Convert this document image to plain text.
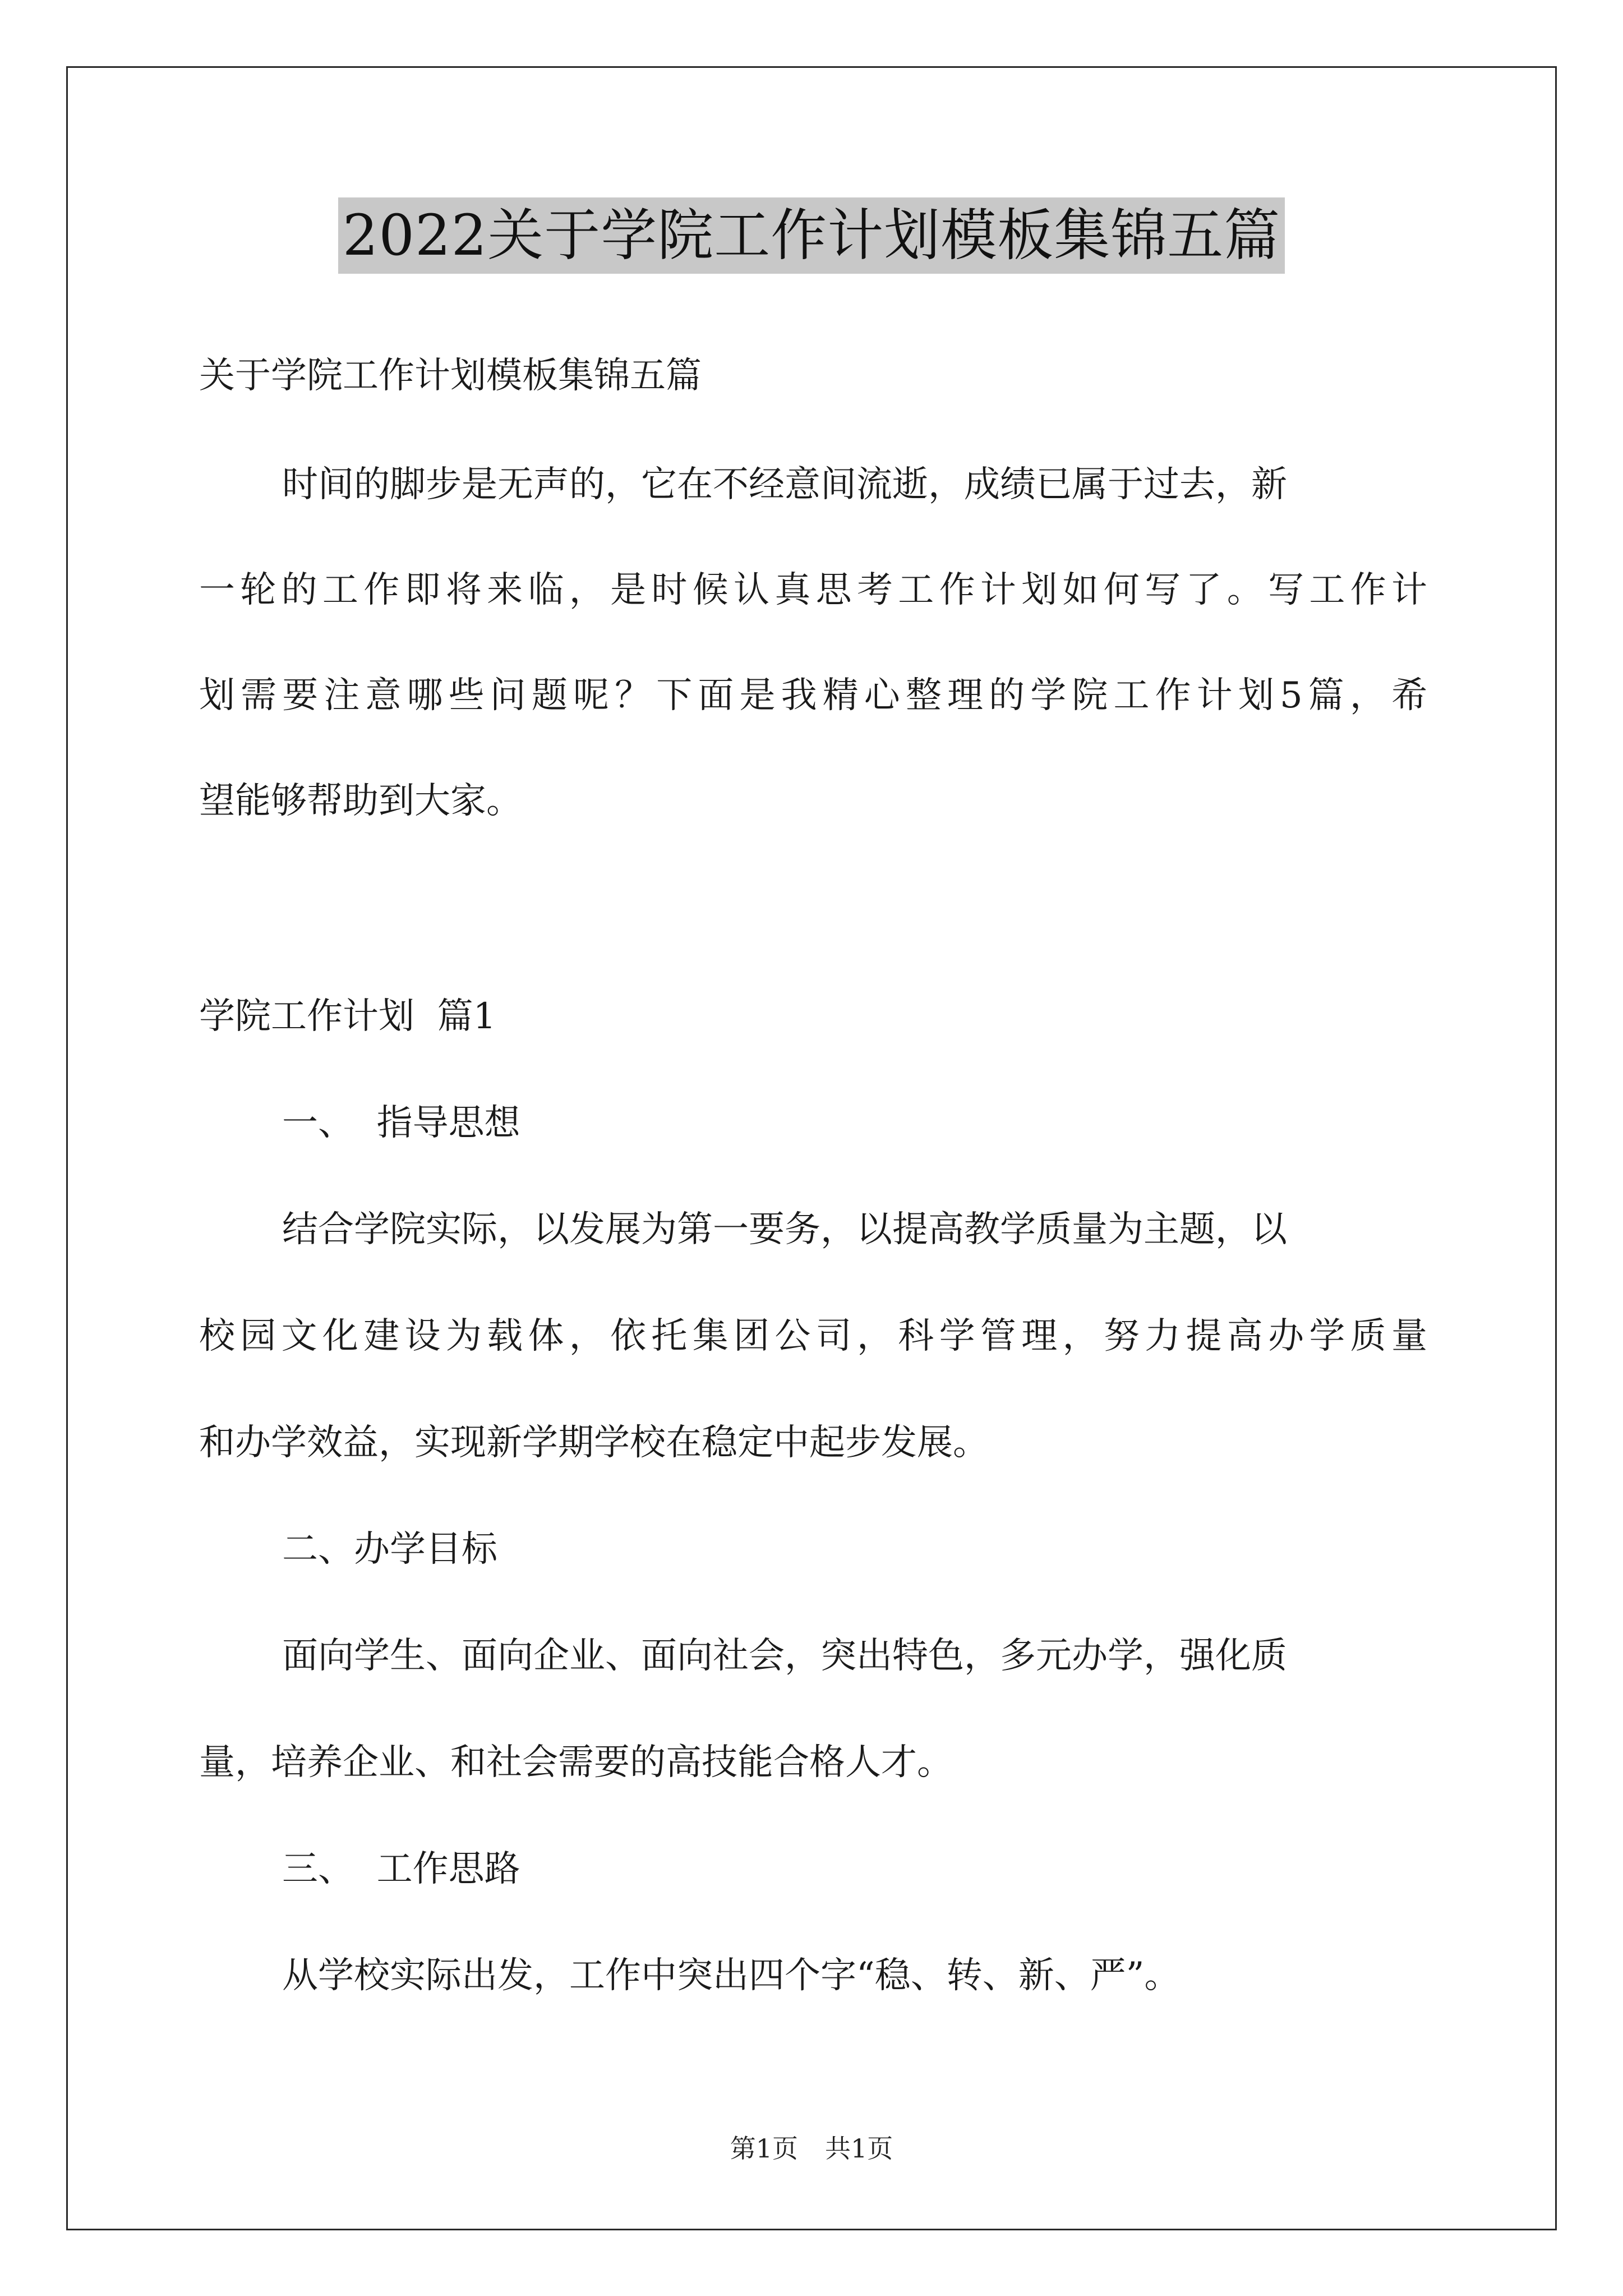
2022关于学院工作计划模板集锦五篇

关于学院工作计划模板集锦五篇

时间的脚步是无声的，它在不经意间流逝，成绩已属于过去，新

一轮的工作即将来临，是时候认真思考工作计划如何写了。写工作计

划需要注意哪些问题呢？下面是我精心整理的学院工作计划5篇，希

望能够帮助到大家。

学院工作计划  篇1

一、  指导思想

结合学院实际，以发展为第一要务，以提高教学质量为主题，以

校园文化建设为载体，依托集团公司，科学管理，努力提高办学质量

和办学效益，实现新学期学校在稳定中起步发展。

二、办学目标

面向学生、面向企业、面向社会，突出特色，多元办学，强化质

量，培养企业、和社会需要的高技能合格人才。

三、  工作思路

从学校实际出发，工作中突出四个字“稳、转、新、严”。

第1页 共1页
